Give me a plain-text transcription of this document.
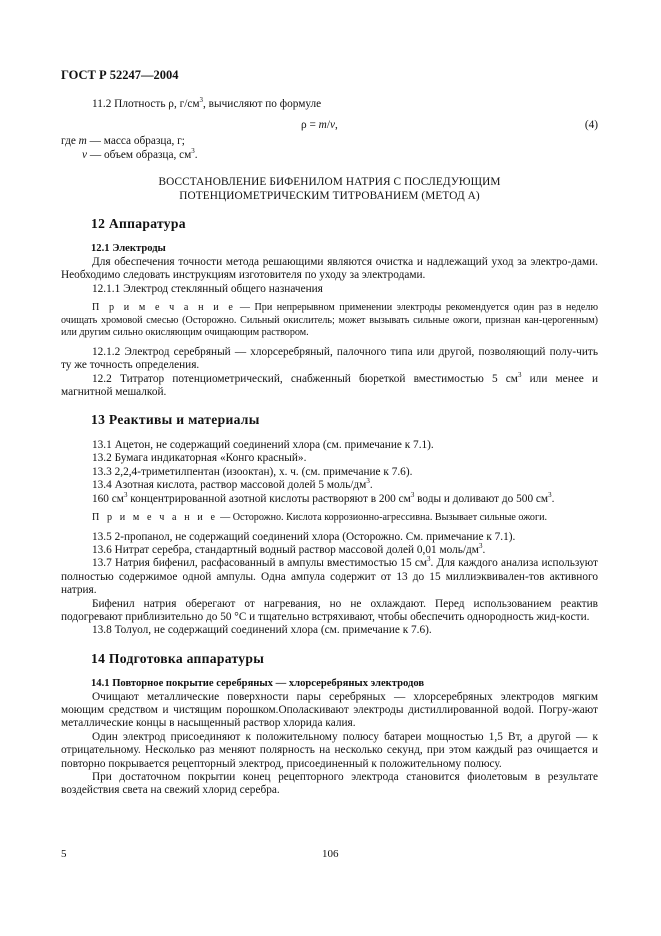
ГОСТ Р 52247—2004

11.2 Плотность ρ, $г/см^3$, вычисляют по формуле

ρ = m/ν,	(4)

где m — масса образца, г;

ν — объем образца, $см^3$.

ВОССТАНОВЛЕНИЕ БИФЕНИЛОМ НАТРИЯ С ПОСЛЕДУЮЩИМ
ПОТЕНЦИОМЕТРИЧЕСКИМ ТИТРОВАНИЕМ (МЕТОД А)

12 Аппаратура
12.1 Электроды

Для обеспечения точности метода решающими являются очистка и надлежащий уход за электро-дами. Необходимо следовать инструкциям изготовителя по уходу за электродами.

12.1.1 Электрод стеклянный общего назначения

П р и м е ч а н и е — При непрерывном применении электроды рекомендуется один раз в неделю очищать хромовой смесью (Осторожно. Сильный окислитель; может вызывать сильные ожоги, признан кан-церогенным) или другим сильно окисляющим очищающим раствором.

12.1.2 Электрод серебряный — хлорсеребряный, палочного типа или другой, позволяющий полу-чить ту же точность определения.

12.2 Титратор потенциометрический, снабженный бюреткой вместимостью 5 $см^3$ или менее и магнитной мешалкой.

13 Реактивы и материалы

13.1 Ацетон, не содержащий соединений хлора (см. примечание к 7.1).

13.2 Бумага индикаторная «Конго красный».

13.3 2,2,4-триметилпентан (изооктан), х. ч. (см. примечание к 7.6).

13.4 Азотная кислота, раствор массовой долей 5 моль/$дм^3$.

160 $см^3$ концентрированной азотной кислоты растворяют в 200 $см^3$ воды и доливают до 500 $см^3$.

П р и м е ч а н и е — Осторожно. Кислота коррозионно-агрессивна. Вызывает сильные ожоги.

13.5 2-пропанол, не содержащий соединений хлора (Осторожно. См. примечание к 7.1).

13.6 Нитрат серебра, стандартный водный раствор массовой долей 0,01 моль/$дм^3$.

13.7 Натрия бифенил, расфасованный в ампулы вместимостью 15 $см^3$. Для каждого анализа используют полностью содержимое одной ампулы. Одна ампула содержит от 13 до 15 миллиэквивален-тов активного натрия.

Бифенил натрия оберегают от нагревания, но не охлаждают. Перед использованием реактив подогревают приблизительно до 50 °С и тщательно встряхивают, чтобы обеспечить однородность жид-кости.

13.8 Толуол, не содержащий соединений хлора (см. примечание к 7.6).

14 Подготовка аппаратуры
14.1 Повторное покрытие серебряных — хлорсеребряных электродов

Очищают металлические поверхности пары серебряных — хлорсеребряных электродов мягким моющим средством и чистящим порошком.Ополаскивают электроды дистиллированной водой. Погру-жают металлические концы в насыщенный раствор хлорида калия.

Один электрод присоединяют к положительному полюсу батареи мощностью 1,5 Вт, а другой — к отрицательному. Несколько раз меняют полярность на несколько секунд, при этом каждый раз очищается и повторно покрывается рецепторный электрод, присоединенный к положительному полюсу.

При достаточном покрытии конец рецепторного электрода становится фиолетовым в результате воздействия света на свежий хлорид серебра.

5	106
